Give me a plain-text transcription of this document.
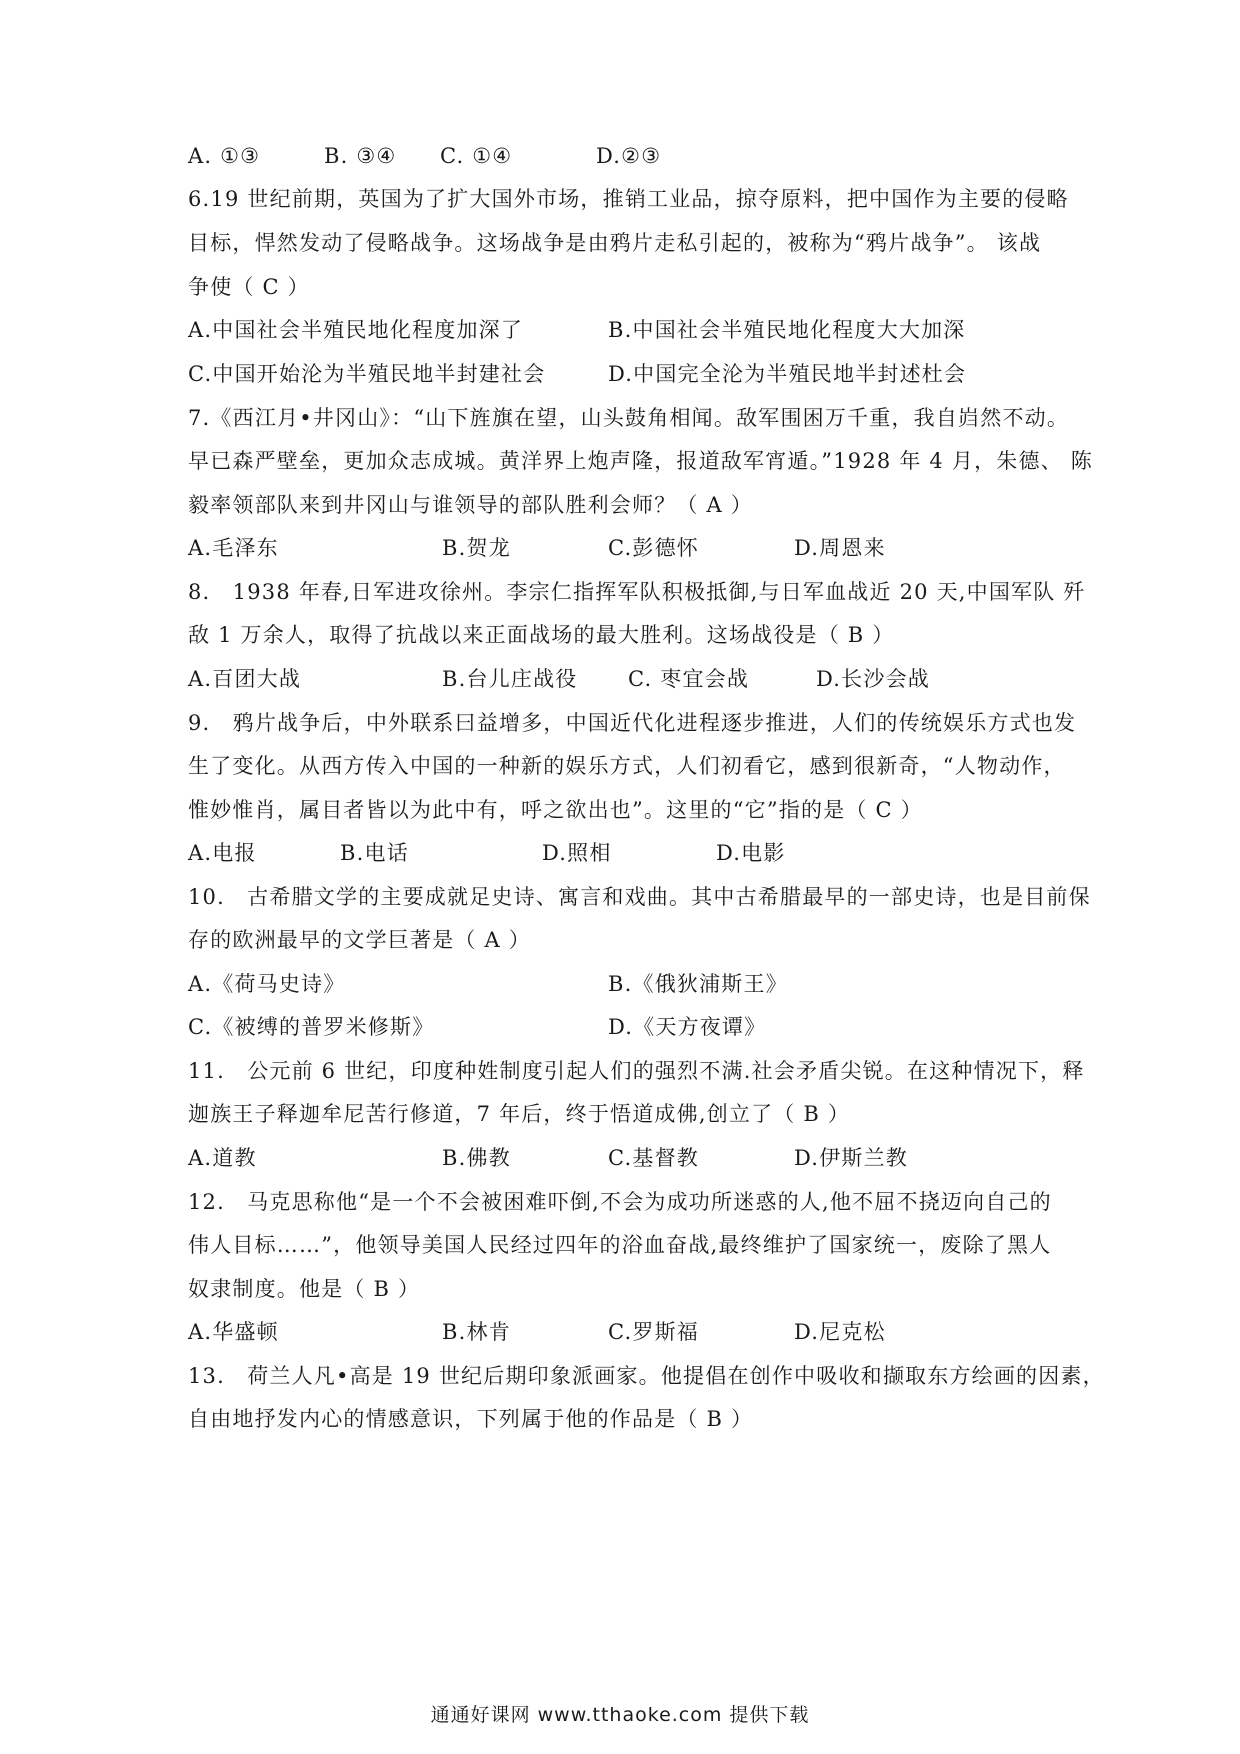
A. ①③	B. ③④ C. ①④	D.②③
6.19 世纪前期，英国为了扩大国外市场，推销工业品，掠夺原料，把中国作为主要的侵略
目标，悍然发动了侵略战争。这场战争是由鸦片走私引起的，被称为“鸦片战争”。 该战
争使（ C ）
A.中国社会半殖民地化程度加深了	B.中国社会半殖民地化程度大大加深
C.中国开始沦为半殖民地半封建社会	D.中国完全沦为半殖民地半封述杜会
7.《西江月•井冈山》：“山下旌旗在望，山头鼓角相闻。敌军围困万千重，我自岿然不动。
早已森严壁垒，更加众志成城。黄洋界上炮声隆，报道敌军宵遁。”1928 年 4 月，朱德、 陈
毅率领部队来到井冈山与谁领导的部队胜利会师？（ A ）
A.毛泽东	B.贺龙	C.彭德怀	D.周恩来
8.　1938 年春,日军进攻徐州。李宗仁指挥军队积极抵御,与日军血战近 20 天,中国军队 歼
敌 1 万余人，取得了抗战以来正面战场的最大胜利。这场战役是（ B ）
A.百团大战	B.台儿庄战役 C. 枣宜会战	D.长沙会战
9.　鸦片战争后，中外联系曰益增多，中国近代化进程逐步推进，人们的传统娱乐方式也发
生了变化。从西方传入中国的一种新的娱乐方式，人们初看它，感到很新奇，“人物动作，
惟妙惟肖，属目者皆以为此中有，呼之欲出也”。这里的“它”指的是（ C ）
A.电报	B.电话	D.照相	D.电影
10.　古希腊文学的主要成就足史诗、寓言和戏曲。其中古希腊最早的一部史诗，也是目前保
存的欧洲最早的文学巨著是（ A ）
A.《荷马史诗》	B.《俄狄浦斯王》
C.《被缚的普罗米修斯》	D.《天方夜谭》
11.　公元前 6 世纪，印度种姓制度引起人们的强烈不满.社会矛盾尖锐。在这种情况下，释
迦族王子释迦牟尼苦行修道，7 年后，终于悟道成佛,创立了（ B ）
A.道教	B.佛教	C.基督教	D.伊斯兰教
12.　马克思称他“是一个不会被困难吓倒,不会为成功所迷惑的人,他不屈不挠迈向自己的
伟人目标……”，他领导美国人民经过四年的浴血奋战,最终维护了国家统一，废除了黑人
奴隶制度。他是（ B ）
A.华盛顿	B.林肯	C.罗斯福	D.尼克松
13.　荷兰人凡•高是 19 世纪后期印象派画家。他提倡在创作中吸收和撷取东方绘画的因素，
自由地抒发内心的情感意识，下列属于他的作品是（ B ）
通通好课网 www.tthaoke.com 提供下载
